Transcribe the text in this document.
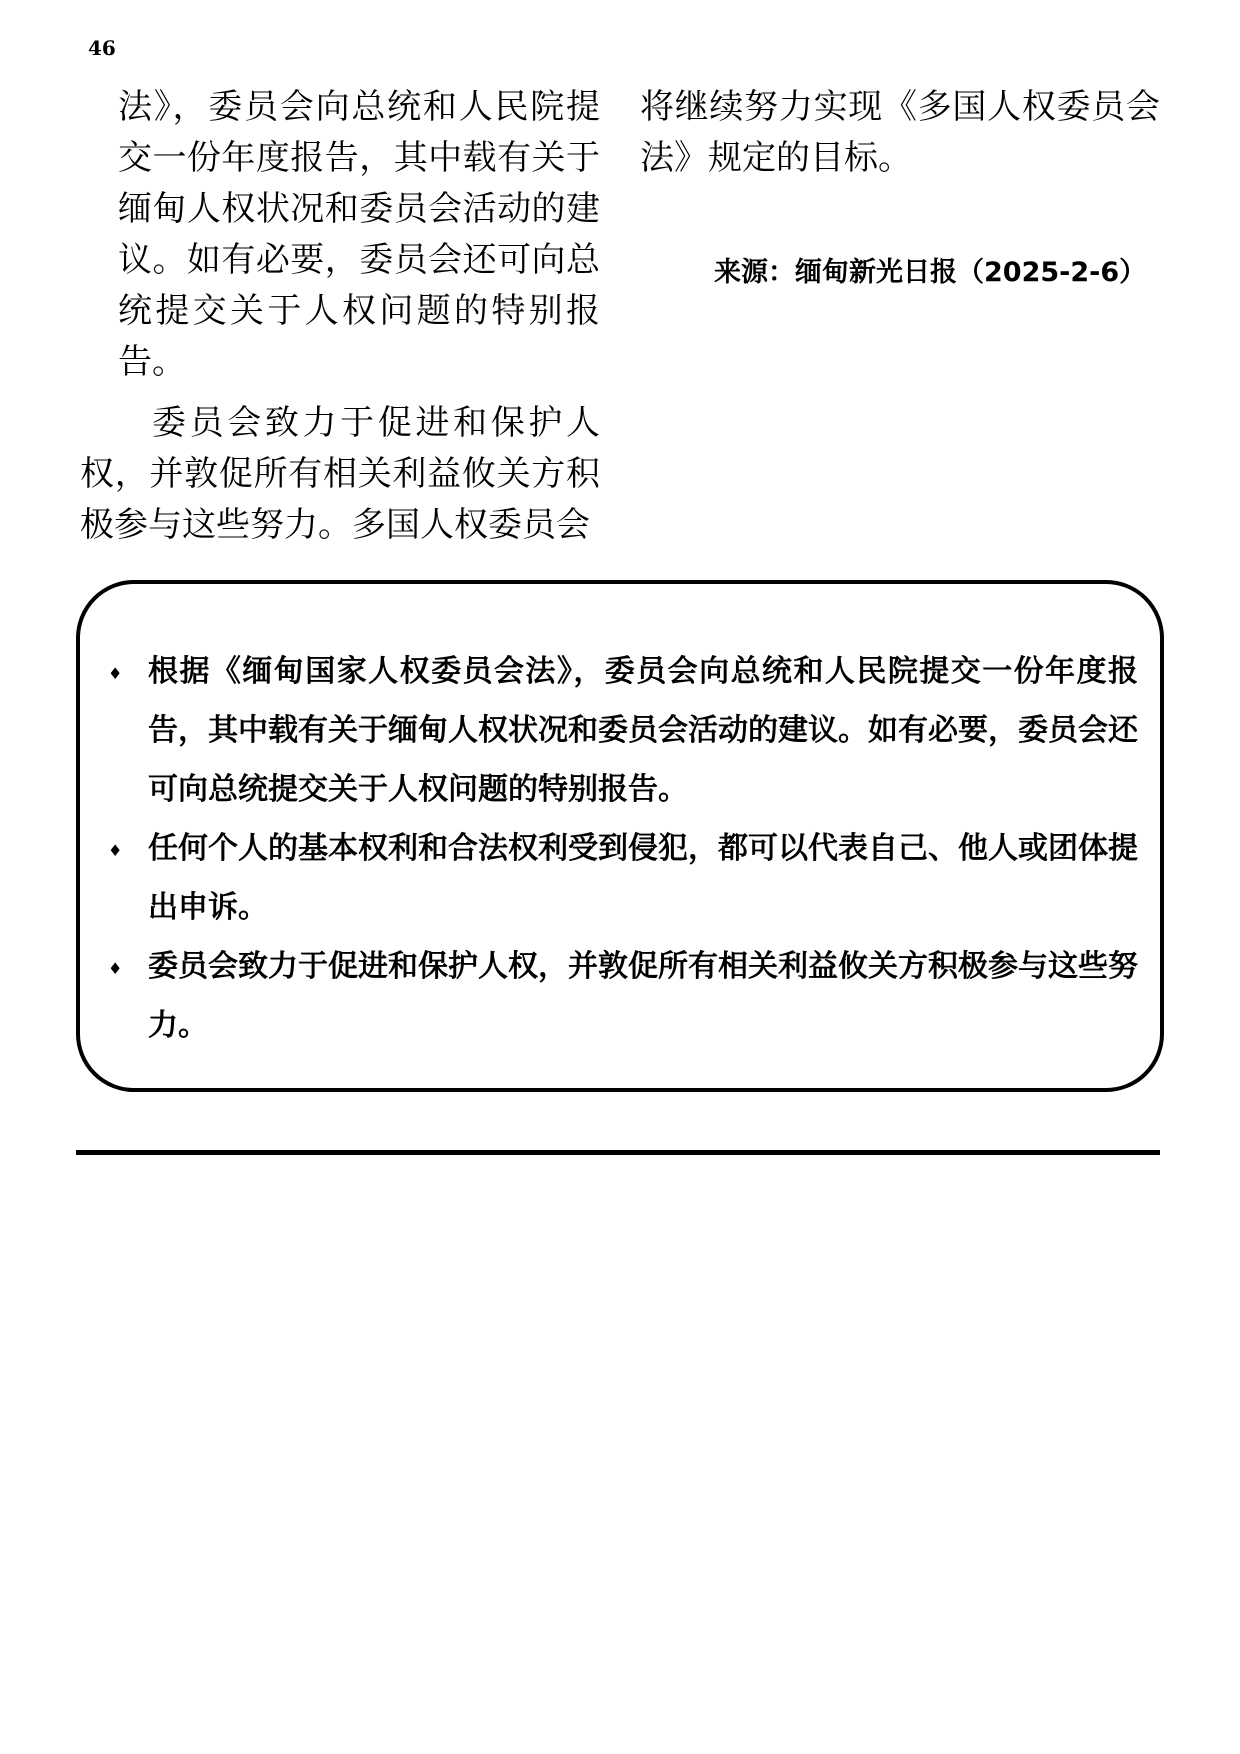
46

法》，委员会向总统和人民院提交一份年度报告，其中载有关于缅甸人权状况和委员会活动的建议。如有必要，委员会还可向总统提交关于人权问题的特别报告。

委员会致力于促进和保护人权，并敦促所有相关利益攸关方积极参与这些努力。多国人权委员会

将继续努力实现《多国人权委员会法》规定的目标。

来源：缅甸新光日报（2025-2-6）
♦ 根据《缅甸国家人权委员会法》，委员会向总统和人民院提交一份年度报告，其中载有关于缅甸人权状况和委员会活动的建议。如有必要，委员会还可向总统提交关于人权问题的特别报告。
♦ 任何个人的基本权利和合法权利受到侵犯，都可以代表自己、他人或团体提出申诉。
♦ 委员会致力于促进和保护人权，并敦促所有相关利益攸关方积极参与这些努力。
